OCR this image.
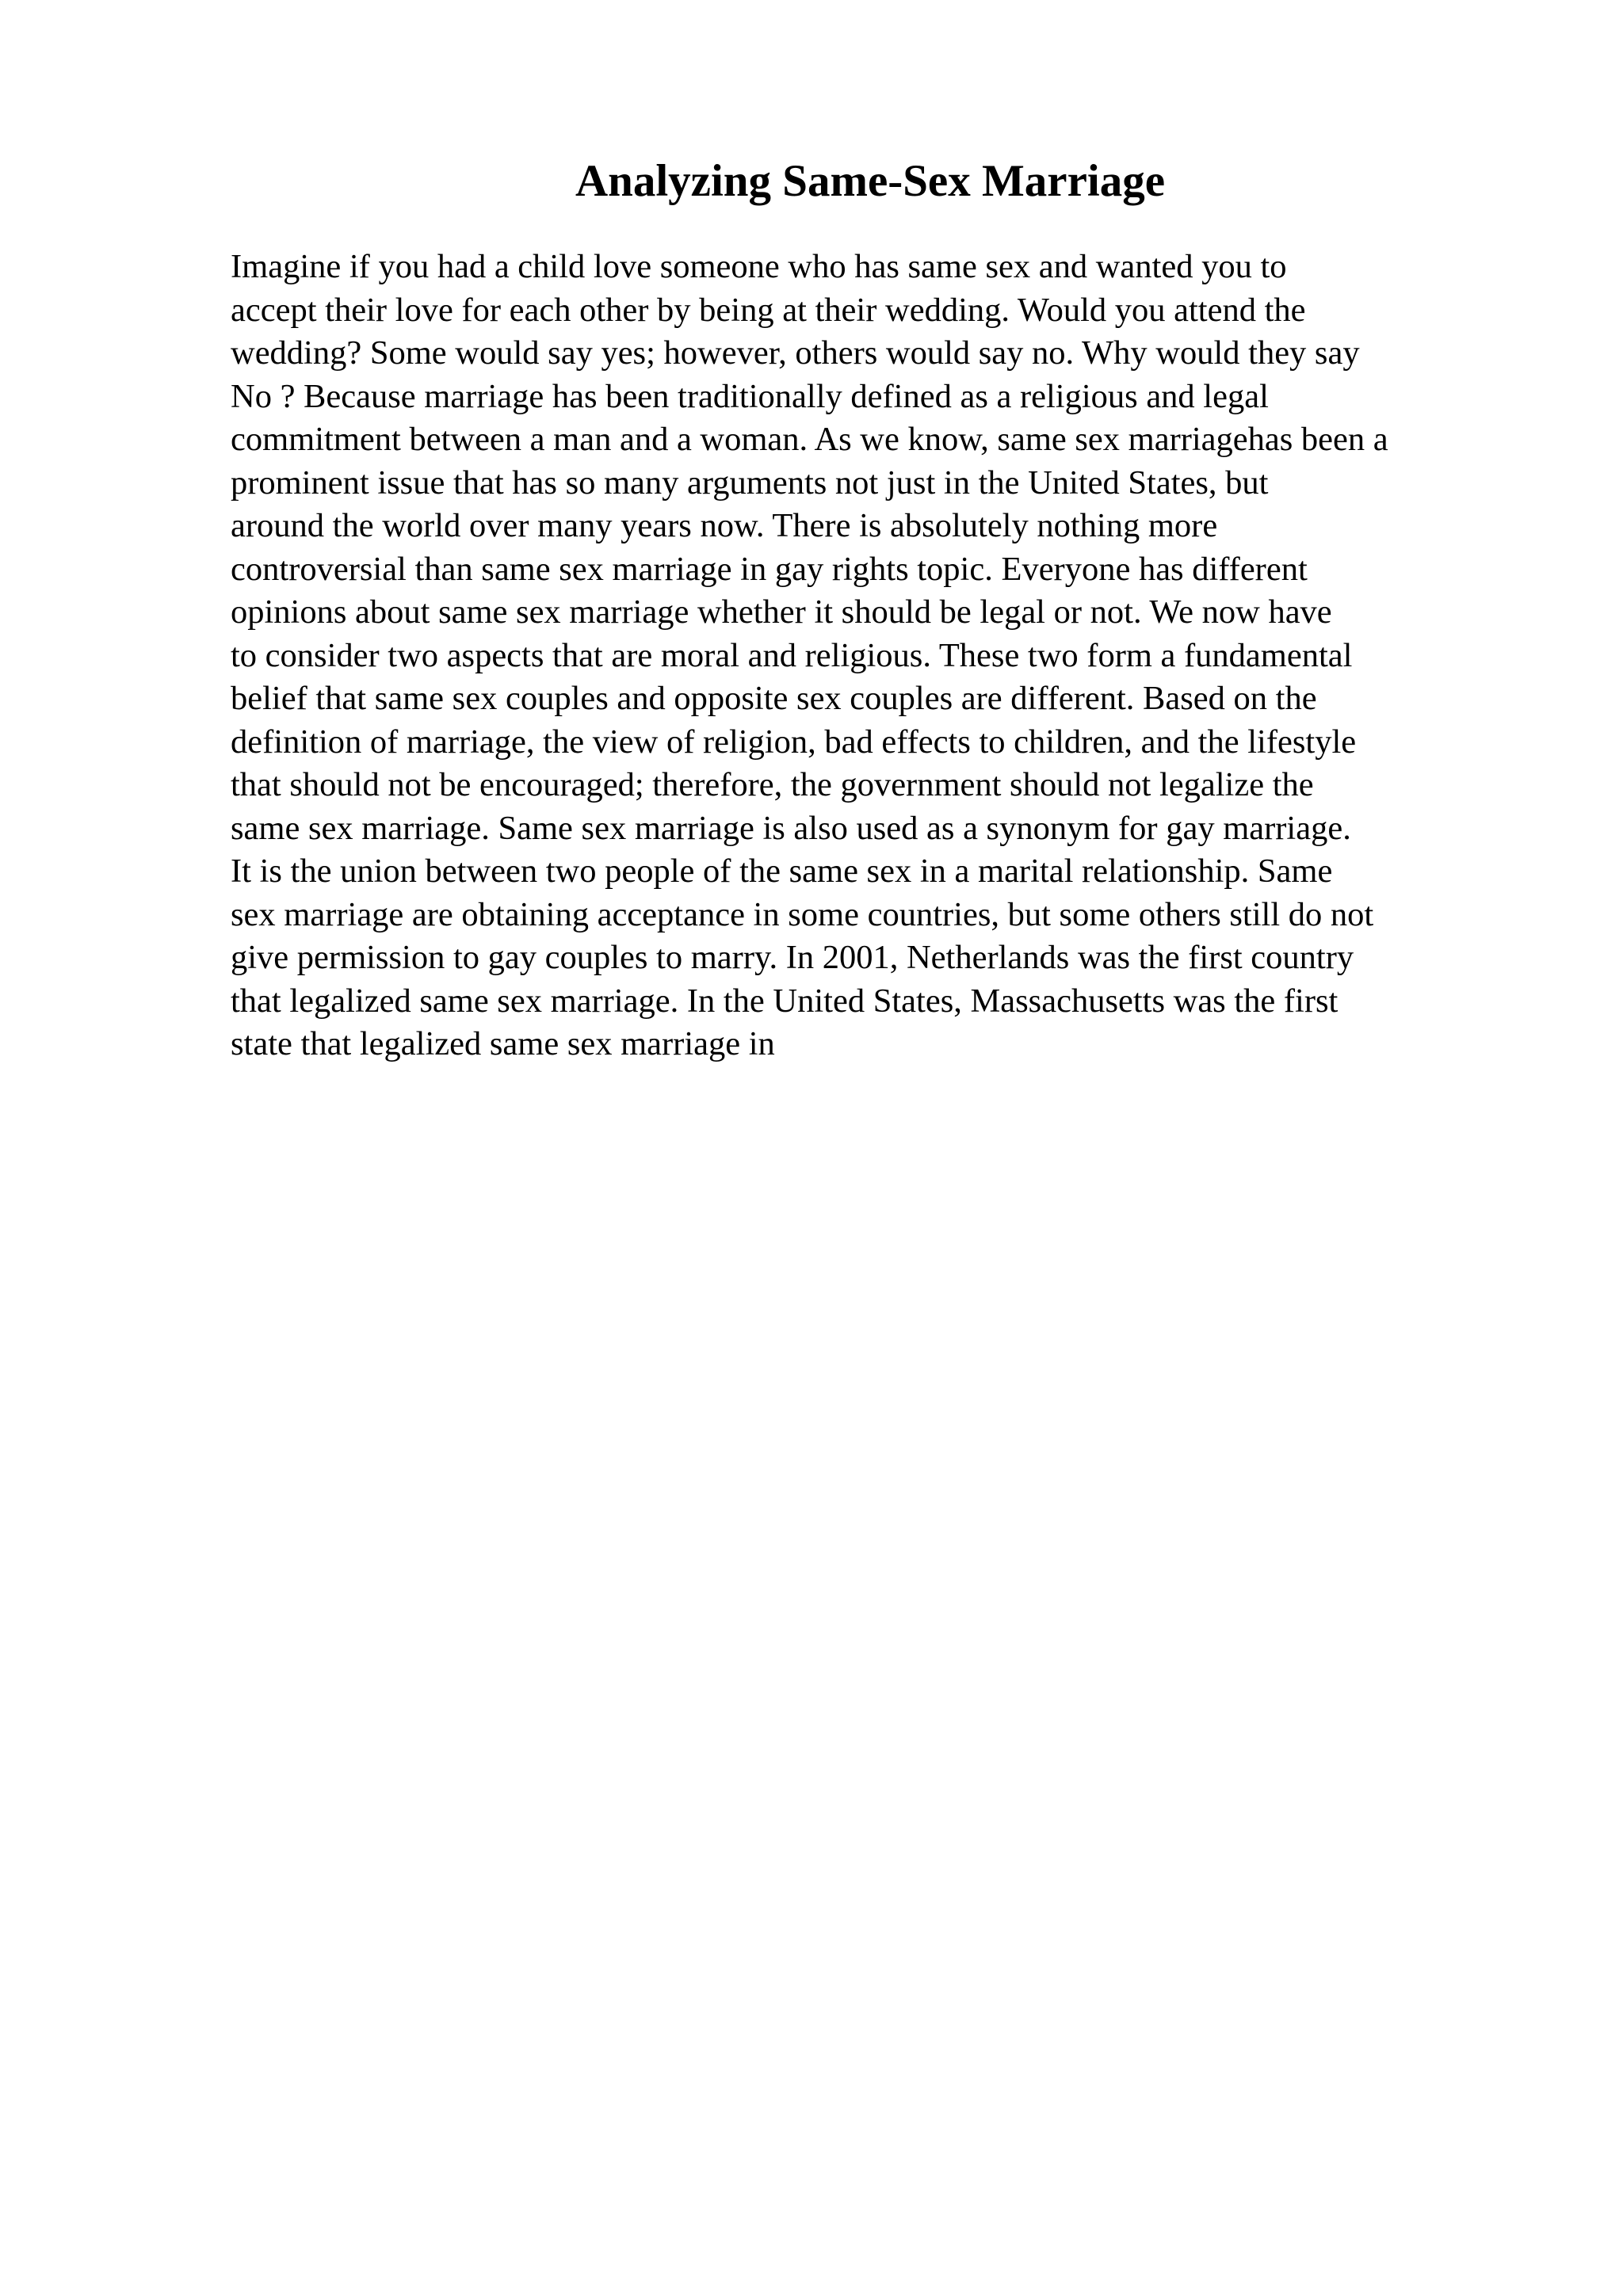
Analyzing Same-Sex Marriage
Imagine if you had a child love someone who has same sex and wanted you to
accept their love for each other by being at their wedding. Would you attend the
wedding? Some would say yes; however, others would say no. Why would they say
No ? Because marriage has been traditionally defined as a religious and legal
commitment between a man and a woman. As we know, same sex marriagehas been a
prominent issue that has so many arguments not just in the United States, but
around the world over many years now. There is absolutely nothing more
controversial than same sex marriage in gay rights topic. Everyone has different
opinions about same sex marriage whether it should be legal or not. We now have
to consider two aspects that are moral and religious. These two form a fundamental
belief that same sex couples and opposite sex couples are different. Based on the
definition of marriage, the view of religion, bad effects to children, and the lifestyle
that should not be encouraged; therefore, the government should not legalize the
same sex marriage. Same sex marriage is also used as a synonym for gay marriage.
It is the union between two people of the same sex in a marital relationship. Same
sex marriage are obtaining acceptance in some countries, but some others still do not
give permission to gay couples to marry. In 2001, Netherlands was the first country
that legalized same sex marriage. In the United States, Massachusetts was the first
state that legalized same sex marriage in
